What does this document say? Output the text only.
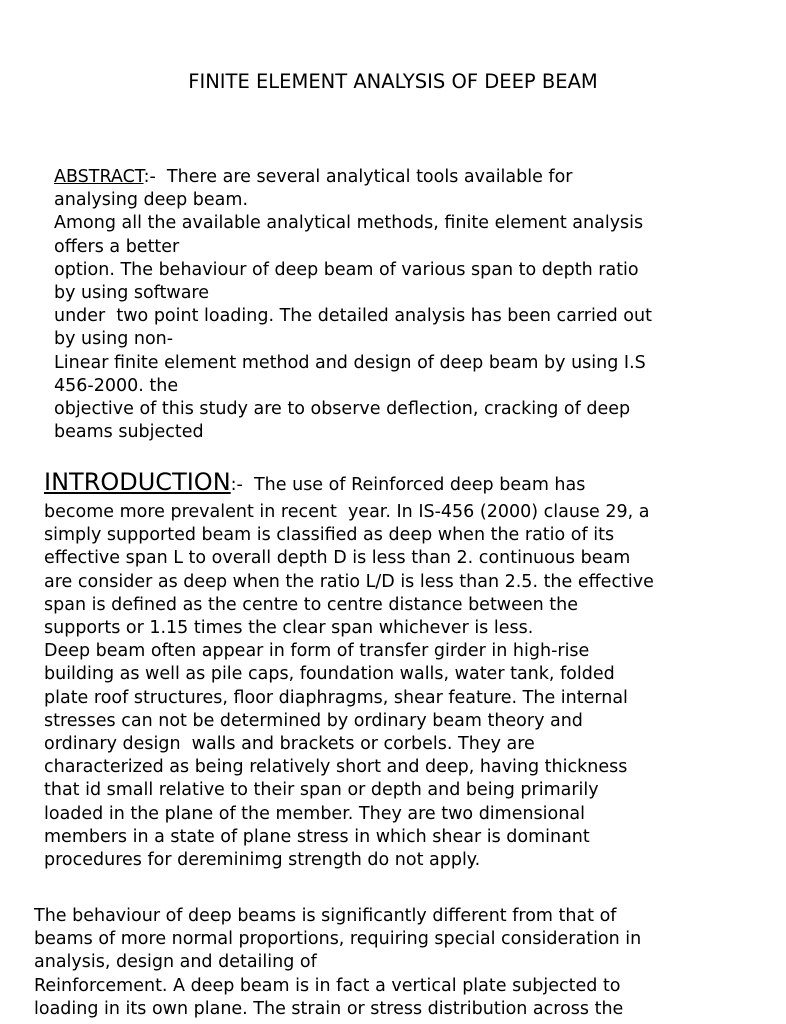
FINITE ELEMENT ANALYSIS OF DEEP BEAM
ABSTRACT:-  There are several analytical tools available for
analysing deep beam.
Among all the available analytical methods, finite element analysis
offers a better
option. The behaviour of deep beam of various span to depth ratio
by using software
under  two point loading. The detailed analysis has been carried out
by using non-
Linear finite element method and design of deep beam by using I.S
456-2000. the
objective of this study are to observe deflection, cracking of deep
beams subjected
INTRODUCTION:-  The use of Reinforced deep beam has
become more prevalent in recent  year. In IS-456 (2000) clause 29, a
simply supported beam is classified as deep when the ratio of its
effective span L to overall depth D is less than 2. continuous beam
are consider as deep when the ratio L/D is less than 2.5. the effective
span is defined as the centre to centre distance between the
supports or 1.15 times the clear span whichever is less.
Deep beam often appear in form of transfer girder in high-rise
building as well as pile caps, foundation walls, water tank, folded
plate roof structures, floor diaphragms, shear feature. The internal
stresses can not be determined by ordinary beam theory and
ordinary design  walls and brackets or corbels. They are
characterized as being relatively short and deep, having thickness
that id small relative to their span or depth and being primarily
loaded in the plane of the member. They are two dimensional
members in a state of plane stress in which shear is dominant
procedures for dereminimg strength do not apply.
The behaviour of deep beams is significantly different from that of
beams of more normal proportions, requiring special consideration in
analysis, design and detailing of
Reinforcement. A deep beam is in fact a vertical plate subjected to
loading in its own plane. The strain or stress distribution across the
